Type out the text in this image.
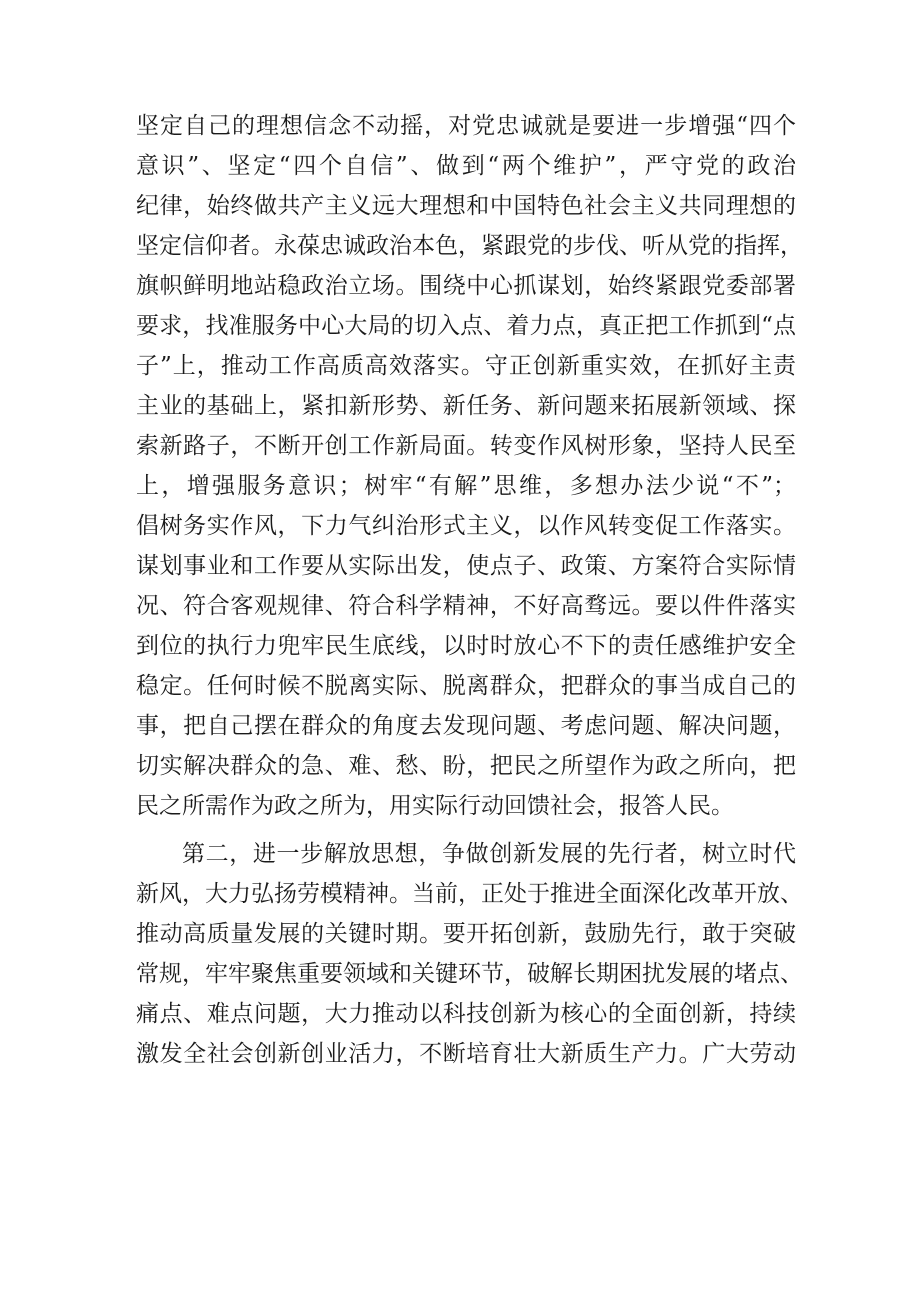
坚定自己的理想信念不动摇，对党忠诚就是要进一步增强“四个
意识”、坚定“四个自信”、做到“两个维护”，严守党的政治
纪律，始终做共产主义远大理想和中国特色社会主义共同理想的
坚定信仰者。永葆忠诚政治本色，紧跟党的步伐、听从党的指挥，
旗帜鲜明地站稳政治立场。围绕中心抓谋划，始终紧跟党委部署
要求，找准服务中心大局的切入点、着力点，真正把工作抓到“点
子”上，推动工作高质高效落实。守正创新重实效，在抓好主责
主业的基础上，紧扣新形势、新任务、新问题来拓展新领域、探
索新路子，不断开创工作新局面。转变作风树形象，坚持人民至
上，增强服务意识；树牢“有解”思维，多想办法少说“不”；
倡树务实作风，下力气纠治形式主义，以作风转变促工作落实。
谋划事业和工作要从实际出发，使点子、政策、方案符合实际情
况、符合客观规律、符合科学精神，不好高骛远。要以件件落实
到位的执行力兜牢民生底线，以时时放心不下的责任感维护安全
稳定。任何时候不脱离实际、脱离群众，把群众的事当成自己的
事，把自己摆在群众的角度去发现问题、考虑问题、解决问题，
切实解决群众的急、难、愁、盼，把民之所望作为政之所向，把
民之所需作为政之所为，用实际行动回馈社会，报答人民。
第二，进一步解放思想，争做创新发展的先行者，树立时代
新风，大力弘扬劳模精神。当前，正处于推进全面深化改革开放、
推动高质量发展的关键时期。要开拓创新，鼓励先行，敢于突破
常规，牢牢聚焦重要领域和关键环节，破解长期困扰发展的堵点、
痛点、难点问题，大力推动以科技创新为核心的全面创新，持续
激发全社会创新创业活力，不断培育壮大新质生产力。广大劳动
